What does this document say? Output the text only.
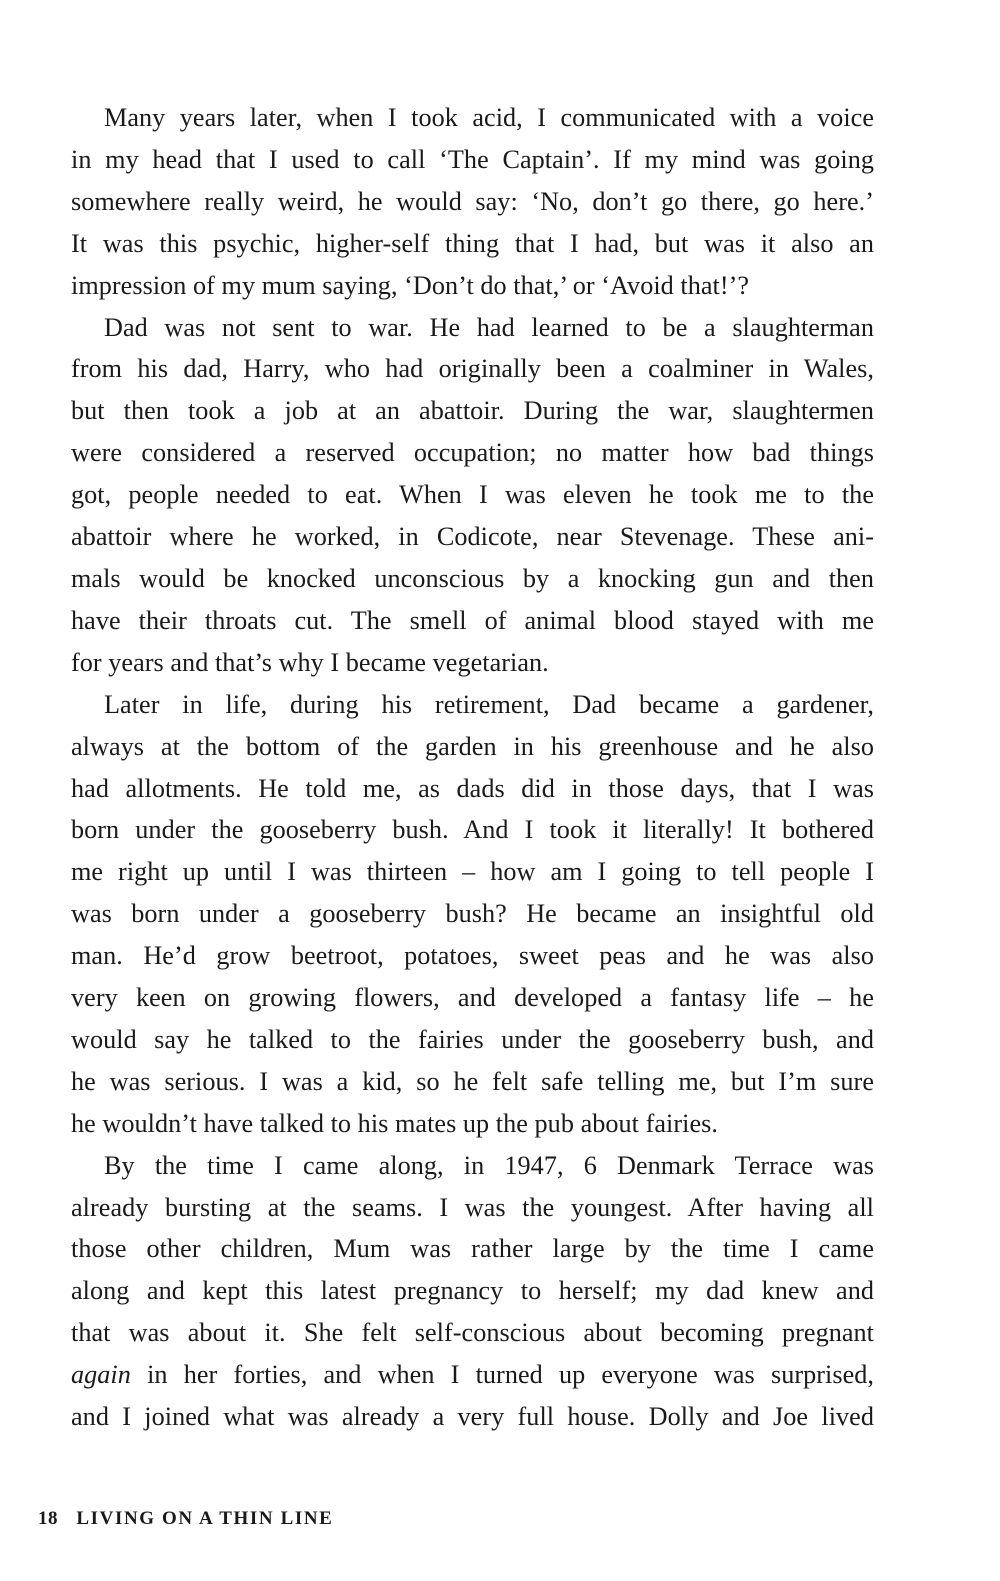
Many years later, when I took acid, I communicated with a voice
in my head that I used to call ‘The Captain’. If my mind was going
somewhere really weird, he would say: ‘No, don’t go there, go here.’
It was this psychic, higher-self thing that I had, but was it also an
impression of my mum saying, ‘Don’t do that,’ or ‘Avoid that!’?

Dad was not sent to war. He had learned to be a slaughterman
from his dad, Harry, who had originally been a coalminer in Wales,
but then took a job at an abattoir. During the war, slaughtermen
were considered a reserved occupation; no matter how bad things
got, people needed to eat. When I was eleven he took me to the
abattoir where he worked, in Codicote, near Stevenage. These ani-
mals would be knocked unconscious by a knocking gun and then
have their throats cut. The smell of animal blood stayed with me
for years and that’s why I became vegetarian.

Later in life, during his retirement, Dad became a gardener,
always at the bottom of the garden in his greenhouse and he also
had allotments. He told me, as dads did in those days, that I was
born under the gooseberry bush. And I took it literally! It bothered
me right up until I was thirteen – how am I going to tell people I
was born under a gooseberry bush? He became an insightful old
man. He’d grow beetroot, potatoes, sweet peas and he was also
very keen on growing flowers, and developed a fantasy life – he
would say he talked to the fairies under the gooseberry bush, and
he was serious. I was a kid, so he felt safe telling me, but I’m sure
he wouldn’t have talked to his mates up the pub about fairies.

By the time I came along, in 1947, 6 Denmark Terrace was
already bursting at the seams. I was the youngest. After having all
those other children, Mum was rather large by the time I came
along and kept this latest pregnancy to herself; my dad knew and
that was about it. She felt self-conscious about becoming pregnant
again in her forties, and when I turned up everyone was surprised,
and I joined what was already a very full house. Dolly and Joe lived

18 LIVING ON A THIN LINE
